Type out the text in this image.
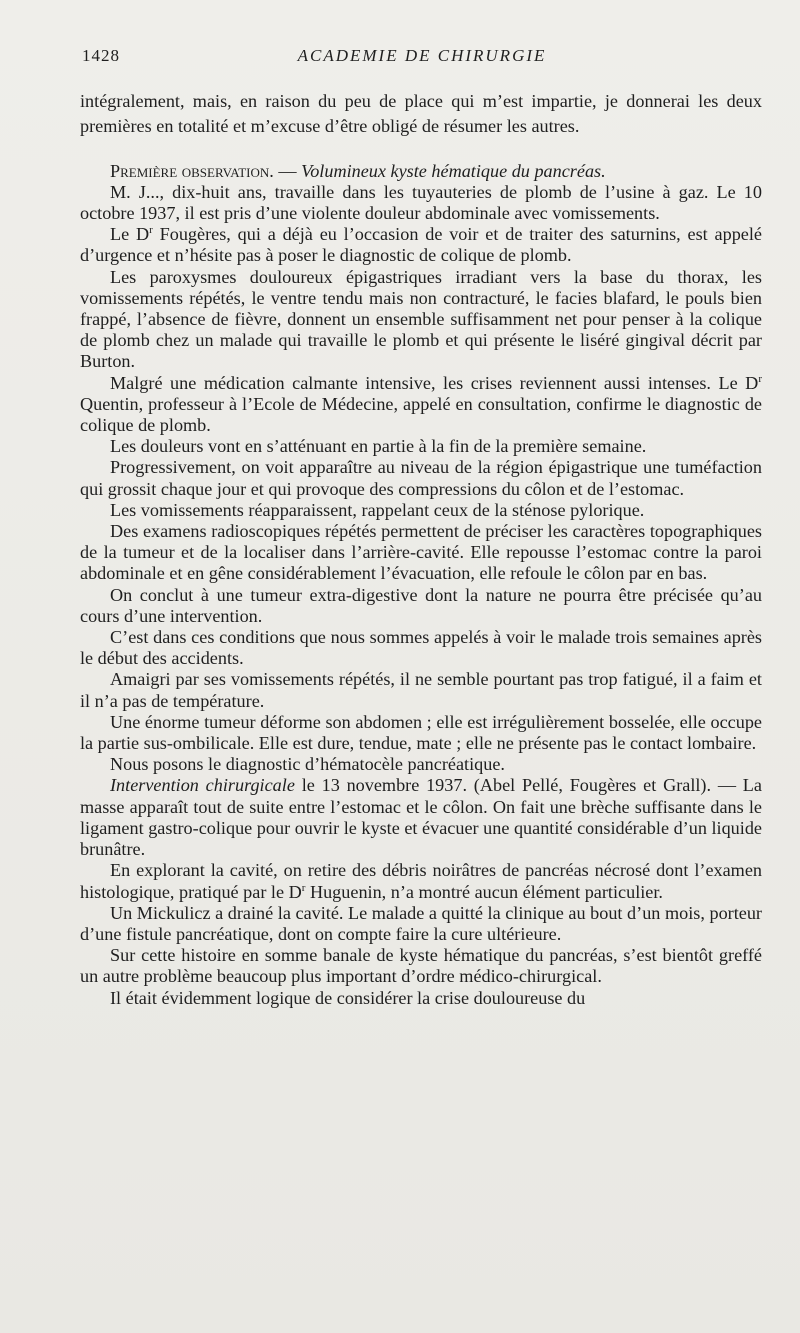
1428	ACADEMIE DE CHIRURGIE

intégralement, mais, en raison du peu de place qui m’est impartie, je donnerai les deux premières en totalité et m’excuse d’être obligé de résumer les autres.

Première observation. — Volumineux kyste hématique du pancréas.

M. J..., dix-huit ans, travaille dans les tuyauteries de plomb de l’usine à gaz. Le 10 octobre 1937, il est pris d’une violente douleur abdominale avec vomissements.

Le $D^r$ Fougères, qui a déjà eu l’occasion de voir et de traiter des saturnins, est appelé d’urgence et n’hésite pas à poser le diagnostic de colique de plomb.

Les paroxysmes douloureux épigastriques irradiant vers la base du thorax, les vomissements répétés, le ventre tendu mais non contracturé, le facies blafard, le pouls bien frappé, l’absence de fièvre, donnent un ensemble suffisamment net pour penser à la colique de plomb chez un malade qui travaille le plomb et qui présente le liséré gingival décrit par Burton.

Malgré une médication calmante intensive, les crises reviennent aussi intenses. Le $D^r$ Quentin, professeur à l’Ecole de Médecine, appelé en consultation, confirme le diagnostic de colique de plomb.

Les douleurs vont en s’atténuant en partie à la fin de la première semaine.

Progressivement, on voit apparaître au niveau de la région épigastrique une tuméfaction qui grossit chaque jour et qui provoque des compressions du côlon et de l’estomac.

Les vomissements réapparaissent, rappelant ceux de la sténose pylorique.

Des examens radioscopiques répétés permettent de préciser les caractères topographiques de la tumeur et de la localiser dans l’arrière-cavité. Elle repousse l’estomac contre la paroi abdominale et en gêne considérablement l’évacuation, elle refoule le côlon par en bas.

On conclut à une tumeur extra-digestive dont la nature ne pourra être précisée qu’au cours d’une intervention.

C’est dans ces conditions que nous sommes appelés à voir le malade trois semaines après le début des accidents.

Amaigri par ses vomissements répétés, il ne semble pourtant pas trop fatigué, il a faim et il n’a pas de température.

Une énorme tumeur déforme son abdomen ; elle est irrégulièrement bosselée, elle occupe la partie sus-ombilicale. Elle est dure, tendue, mate ; elle ne présente pas le contact lombaire.

Nous posons le diagnostic d’hématocèle pancréatique.

Intervention chirurgicale le 13 novembre 1937. (Abel Pellé, Fougères et Grall). — La masse apparaît tout de suite entre l’estomac et le côlon. On fait une brèche suffisante dans le ligament gastro-colique pour ouvrir le kyste et évacuer une quantité considérable d’un liquide brunâtre.

En explorant la cavité, on retire des débris noirâtres de pancréas nécrosé dont l’examen histologique, pratiqué par le $D^r$ Huguenin, n’a montré aucun élément particulier.

Un Mickulicz a drainé la cavité. Le malade a quitté la clinique au bout d’un mois, porteur d’une fistule pancréatique, dont on compte faire la cure ultérieure.

Sur cette histoire en somme banale de kyste hématique du pancréas, s’est bientôt greffé un autre problème beaucoup plus important d’ordre médico-chirurgical.

Il était évidemment logique de considérer la crise douloureuse du
